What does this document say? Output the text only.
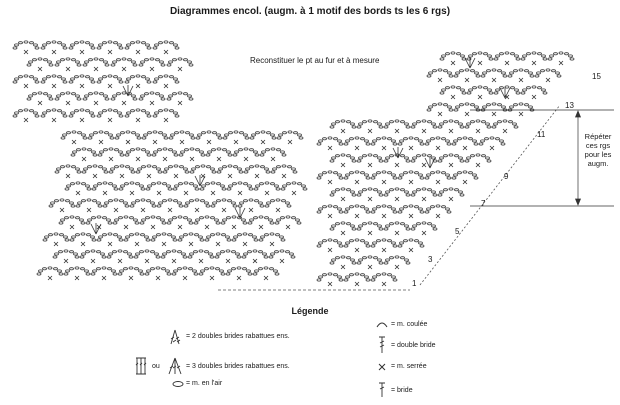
Diagrammes encol. (augm. à 1 motif des bords ts les 6 rgs)
Reconstituer le pt au fur et à mesure
1
3
5
7
9
11
13
15
Répéter ces rgs pour les augm.
Légende
= 2 doubles brides rabattues ens.
ou	= 3 doubles brides rabattues ens.
= m. en l'air
= m. coulée
= double bride
= m. serrée
= bride
